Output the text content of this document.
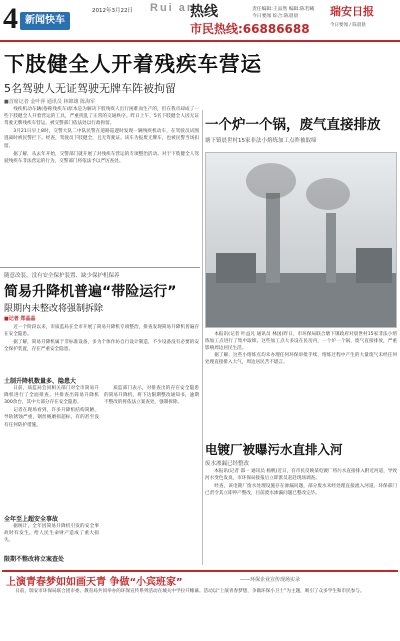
4 新闻快车
2012年3月22日 Rui an
热线
市民热线:66886688
责任编辑:王品然 编辑:陈若曦
今日要闻 综合:陈晨晨	瑞安日报
今日要闻 / 陈晨晨
下肢健全人开着残疾车营运
5名驾驶人无证驾驶无牌车阵被拘留
■首席记者 金叶萍 通讯员 林锦雄 陈海军

残疾机动车辆(俗称残疾车)原本是为解决下肢残疾人出行困难而生产的，但在我市却成了一些下肢健全人开着营运的工具，严重扰乱了正常的交通秩序。昨日上午，5名下肢健全人因无证驾驶无牌残疾车营运，被交警部门依法处以行政拘留。

3月21日早上8时，交警大队二中队民警在道路巡逻时发现一辆残疾机动车，在驾驶员试图逃离时被民警拦下。经查，驾驶员下肢健全，且无驾驶证。该车为报废无牌车，也被民警当场扣留。

据了解，从去年开始，交警部门就开展了对残疾车营运的专项整治活动。对于下肢健全人驾驶残疾车非法营运的行为，交警部门将依法予以严厉查处。

随意改装、没有安全保护装置、缺少保护机保养
简易升降机普遍“带险运行”
限期内未整改将强制拆除
■记者 郑晶晶

近一个阶段以来，市质监局在全市开展了简易升降机专项整治，排查发现简易升降机普遍存在安全隐患。

据了解，简易升降机属于非标准设备，多为个体作坊自行设计制造，不少设备没有必要的安全保护装置，存在严重安全隐患。

土制升降机数量多、隐患大

日前，质监局会同相关部门对全市简易升降机进行了全面排查。共排查出简易升降机300余台，其中大部分存在安全隐患。

记者在现场看到，许多升降机结构简陋，导轨锈蚀严重，钢丝绳磨损超标，有的甚至没有任何防护措施。

全年至上超安全事故

据统计，全年因简易升降机引发的安全事故时有发生，给人民生命财产造成了重大损失。

限期不整改将立案查处

质监部门表示，对排查出的存在安全隐患的简易升降机，将下达限期整改通知书，逾期不整改的将依法立案查处，强制拆除。

一个炉一个锅，废气直接排放
塘下镇晨世村15家非法小熔炼加工点昨被取缔

本报讯(记者 叶益凡 通讯员 林国)昨日，市环保局联合塘下镇政府对晨世村15家非法小熔炼加工点进行了集中取缔。这些加工点大多设在民房内，一个炉一个锅，废气直接排放，严重影响周边居民生活。

据了解，这些小熔炼点均未办理任何环保审批手续，熔炼过程中产生的大量废气未经任何处理直接排入大气，周边居民苦不堪言。

电镀厂被曝污水直排入河
废水渗漏已经整改

本报讯(记者 邵一 通讯员 杨帆)近日，有市民反映某电镀厂将污水直接排入附近河道，导致河水变色发臭。市环保局接报后立即派员赶赴现场调查。

经查，该电镀厂废水处理设施存在渗漏问题，部分废水未经处理直接流入河道。环保部门已责令其立即停产整改，目前废水渗漏问题已整改完毕。

上演青春梦如如画天青 争做“小宾班家”	——环保企业宣传现场实录

日前，瑞安市环保局联合团市委、教育局共同举办的环保宣传系列活动在城关中学拉开帷幕。活动以“上演青春梦想，争做环保小卫士”为主题，吸引了众多学生和市民参与。
